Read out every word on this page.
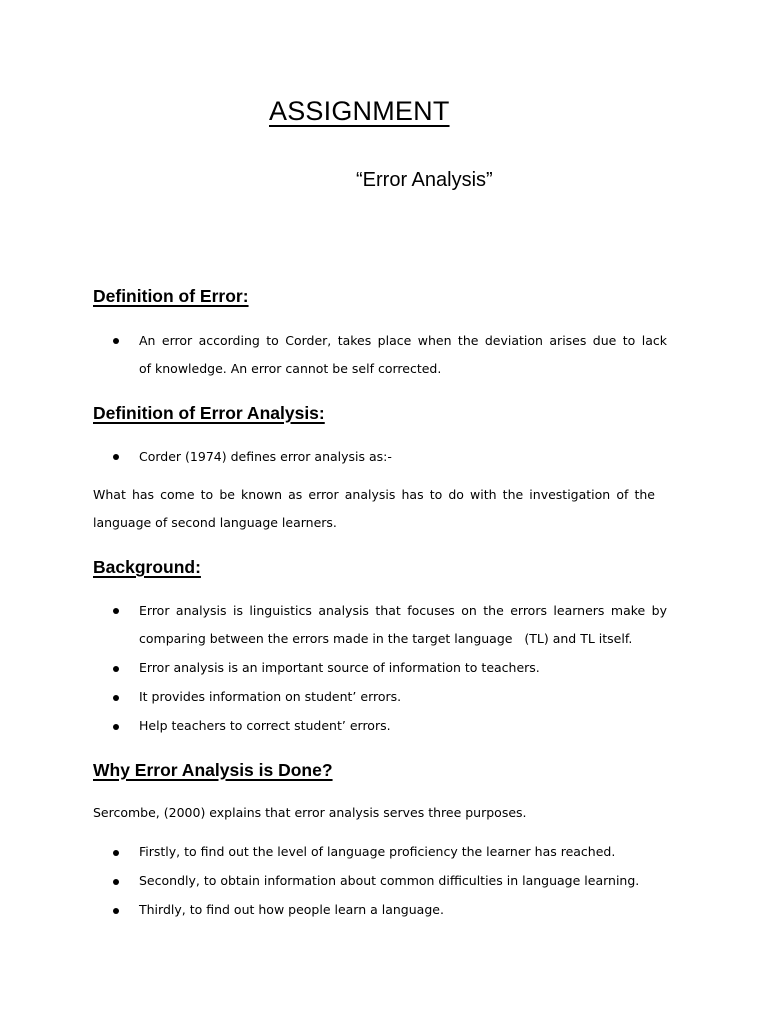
ASSIGNMENT
“Error Analysis”
Definition of Error:
An error according to Corder, takes place when the deviation arises due to lack
of knowledge. An error cannot be self corrected.
Definition of Error Analysis:
Corder (1974) defines error analysis as:-
What has come to be known as error analysis has to do with the investigation of the
language of second language learners.
Background:
Error analysis is linguistics analysis that focuses on the errors learners make by
comparing between the errors made in the target language   (TL) and TL itself.
Error analysis is an important source of information to teachers.
It provides information on student’ errors.
Help teachers to correct student’ errors.
Why Error Analysis is Done?
Sercombe, (2000) explains that error analysis serves three purposes.
Firstly, to find out the level of language proficiency the learner has reached.
Secondly, to obtain information about common difficulties in language learning.
Thirdly, to find out how people learn a language.
